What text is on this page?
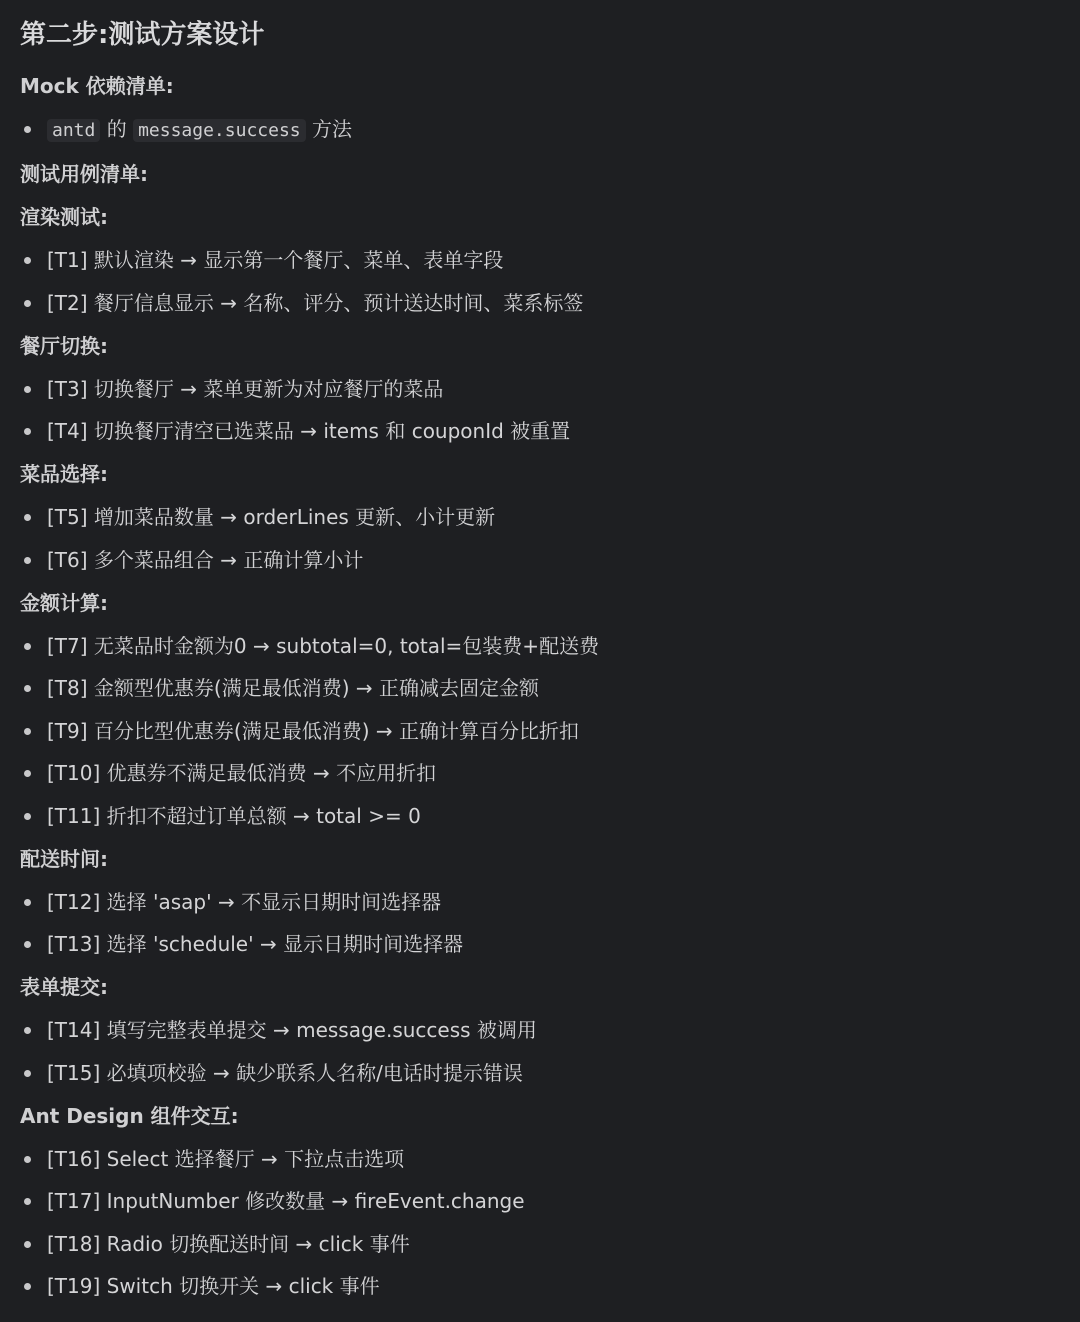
第二步:测试方案设计
Mock 依赖清单:
antd 的 message.success 方法
测试用例清单:
渲染测试:
[T1] 默认渲染 → 显示第一个餐厅、菜单、表单字段
[T2] 餐厅信息显示 → 名称、评分、预计送达时间、菜系标签
餐厅切换:
[T3] 切换餐厅 → 菜单更新为对应餐厅的菜品
[T4] 切换餐厅清空已选菜品 → items 和 couponId 被重置
菜品选择:
[T5] 增加菜品数量 → orderLines 更新、小计更新
[T6] 多个菜品组合 → 正确计算小计
金额计算:
[T7] 无菜品时金额为0 → subtotal=0, total=包装费+配送费
[T8] 金额型优惠券(满足最低消费) → 正确减去固定金额
[T9] 百分比型优惠券(满足最低消费) → 正确计算百分比折扣
[T10] 优惠券不满足最低消费 → 不应用折扣
[T11] 折扣不超过订单总额 → total >= 0
配送时间:
[T12] 选择 'asap' → 不显示日期时间选择器
[T13] 选择 'schedule' → 显示日期时间选择器
表单提交:
[T14] 填写完整表单提交 → message.success 被调用
[T15] 必填项校验 → 缺少联系人名称/电话时提示错误
Ant Design 组件交互:
[T16] Select 选择餐厅 → 下拉点击选项
[T17] InputNumber 修改数量 → fireEvent.change
[T18] Radio 切换配送时间 → click 事件
[T19] Switch 切换开关 → click 事件
